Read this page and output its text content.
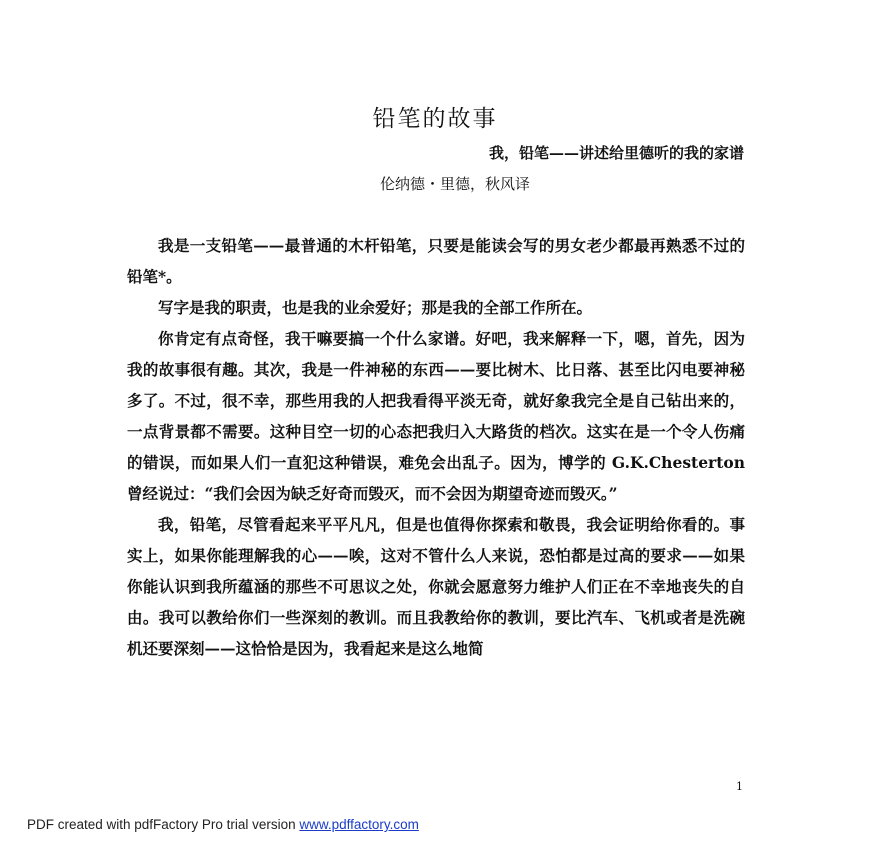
铅笔的故事
我，铅笔——讲述给里德听的我的家谱
伦纳德・里德，秋风译

我是一支铅笔——最普通的木杆铅笔，只要是能读会写的男女老少都最再熟悉不过的铅笔*。

写字是我的职责，也是我的业余爱好；那是我的全部工作所在。

你肯定有点奇怪，我干嘛要搞一个什么家谱。好吧，我来解释一下，嗯，首先，因为我的故事很有趣。其次，我是一件神秘的东西——要比树木、比日落、甚至比闪电要神秘多了。不过，很不幸，那些用我的人把我看得平淡无奇，就好象我完全是自己钻出来的，一点背景都不需要。这种目空一切的心态把我归入大路货的档次。这实在是一个令人伤痛的错误，而如果人们一直犯这种错误，难免会出乱子。因为，博学的 G.K.Chesterton 曾经说过：“我们会因为缺乏好奇而毁灭，而不会因为期望奇迹而毁灭。”

我，铅笔，尽管看起来平平凡凡，但是也值得你探索和敬畏，我会证明给你看的。事实上，如果你能理解我的心——唉，这对不管什么人来说，恐怕都是过高的要求——如果你能认识到我所蕴涵的那些不可思议之处，你就会愿意努力维护人们正在不幸地丧失的自由。我可以教给你们一些深刻的教训。而且我教给你的教训，要比汽车、飞机或者是洗碗机还要深刻——这恰恰是因为，我看起来是这么地简

1
PDF created with pdfFactory Pro trial version www.pdffactory.com
